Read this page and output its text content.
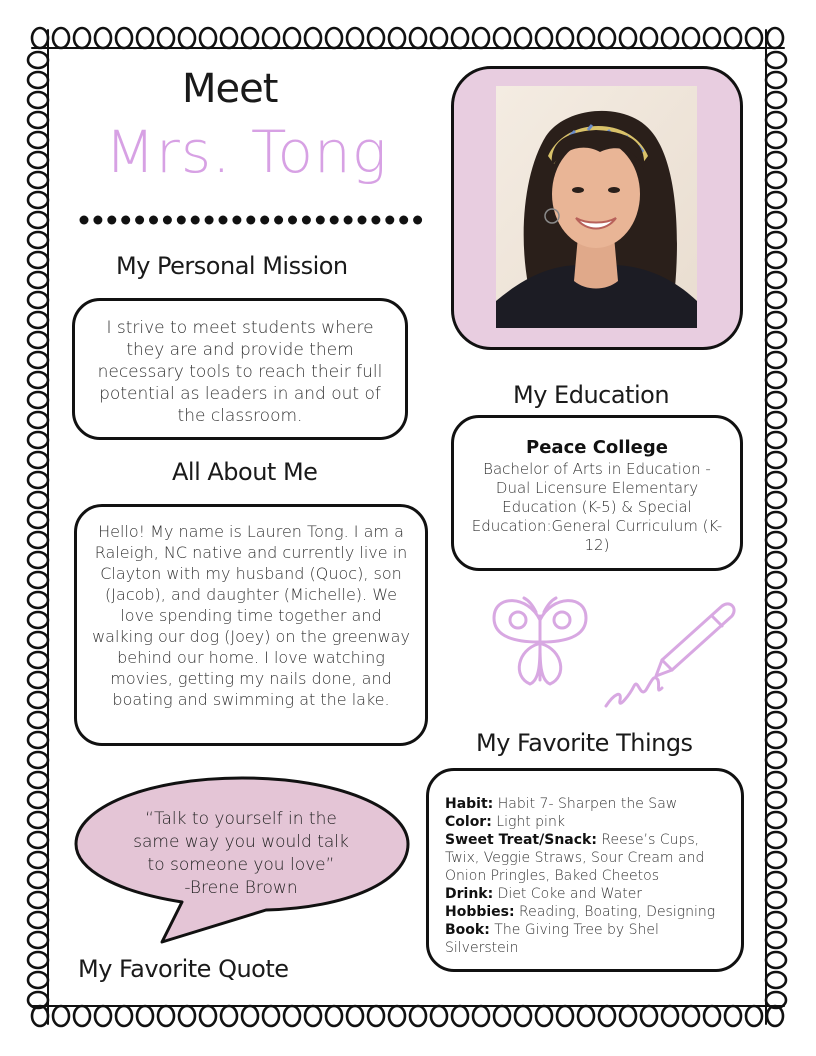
Meet
Mrs. Tong
My Personal Mission
I strive to meet students where they are and provide them necessary tools to reach their full potential as leaders in and out of the classroom.
All About Me
Hello! My name is Lauren Tong. I am a Raleigh, NC native and currently live in Clayton with my husband (Quoc), son (Jacob), and daughter (Michelle). We love spending time together and walking our dog (Joey) on the greenway behind our home. I love watching movies, getting my nails done, and boating and swimming at the lake.
My Education
Peace College
Bachelor of Arts in Education - Dual Licensure Elementary Education (K-5) & Special Education:General Curriculum (K-12)
My Favorite Things
Habit: Habit 7- Sharpen the Saw
Color: Light pink
Sweet Treat/Snack: Reese’s Cups, Twix, Veggie Straws, Sour Cream and Onion Pringles, Baked Cheetos
Drink: Diet Coke and Water
Hobbies: Reading, Boating, Designing
Book: The Giving Tree by Shel Silverstein
“Talk to yourself in the
same way you would talk
to someone you love”
-Brene Brown
My Favorite Quote
